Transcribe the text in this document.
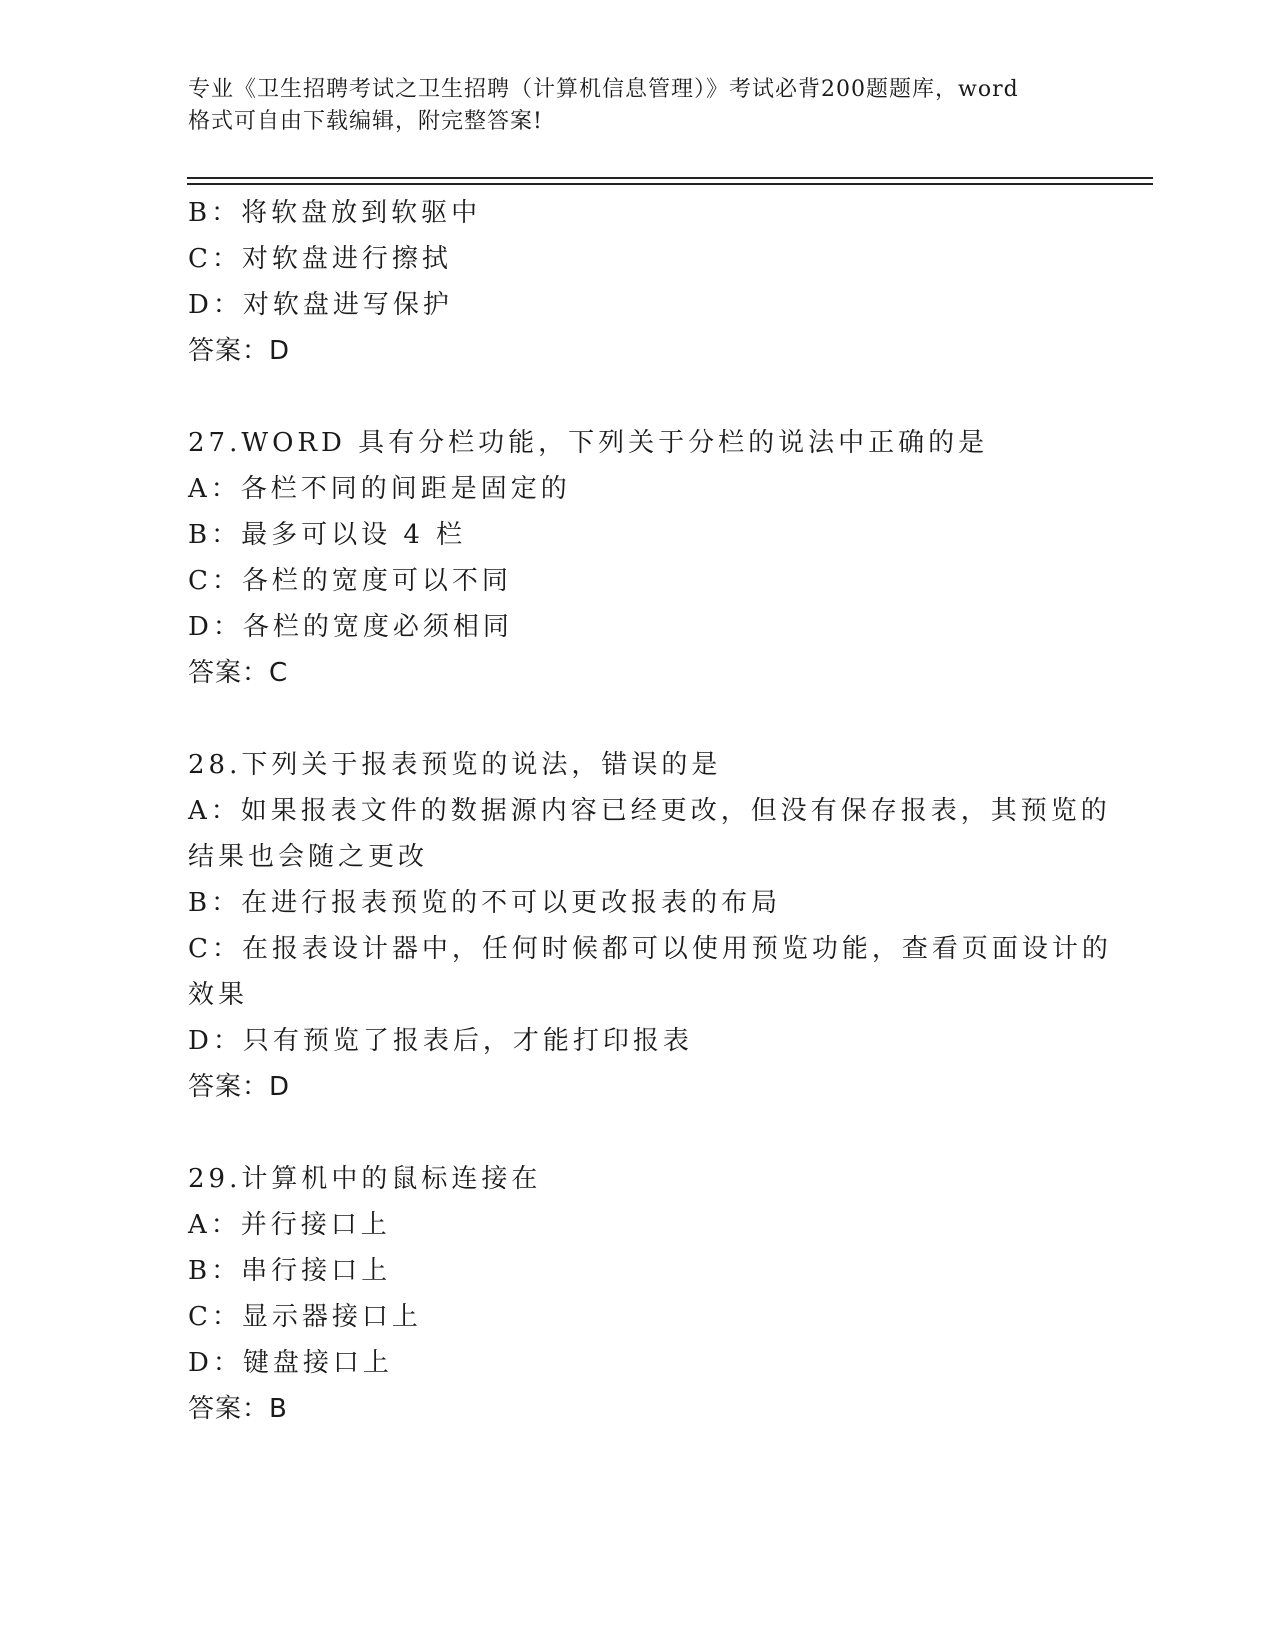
专业《卫生招聘考试之卫生招聘（计算机信息管理）》考试必背200题题库，word
格式可自由下载编辑，附完整答案!
B：将软盘放到软驱中
C：对软盘进行擦拭
D：对软盘进写保护
答案：D
27.WORD 具有分栏功能，下列关于分栏的说法中正确的是
A：各栏不同的间距是固定的
B：最多可以设 4 栏
C：各栏的宽度可以不同
D：各栏的宽度必须相同
答案：C
28.下列关于报表预览的说法，错误的是
A：如果报表文件的数据源内容已经更改，但没有保存报表，其预览的
结果也会随之更改
B：在进行报表预览的不可以更改报表的布局
C：在报表设计器中，任何时候都可以使用预览功能，查看页面设计的
效果
D：只有预览了报表后，才能打印报表
答案：D
29.计算机中的鼠标连接在
A：并行接口上
B：串行接口上
C：显示器接口上
D：键盘接口上
答案：B
